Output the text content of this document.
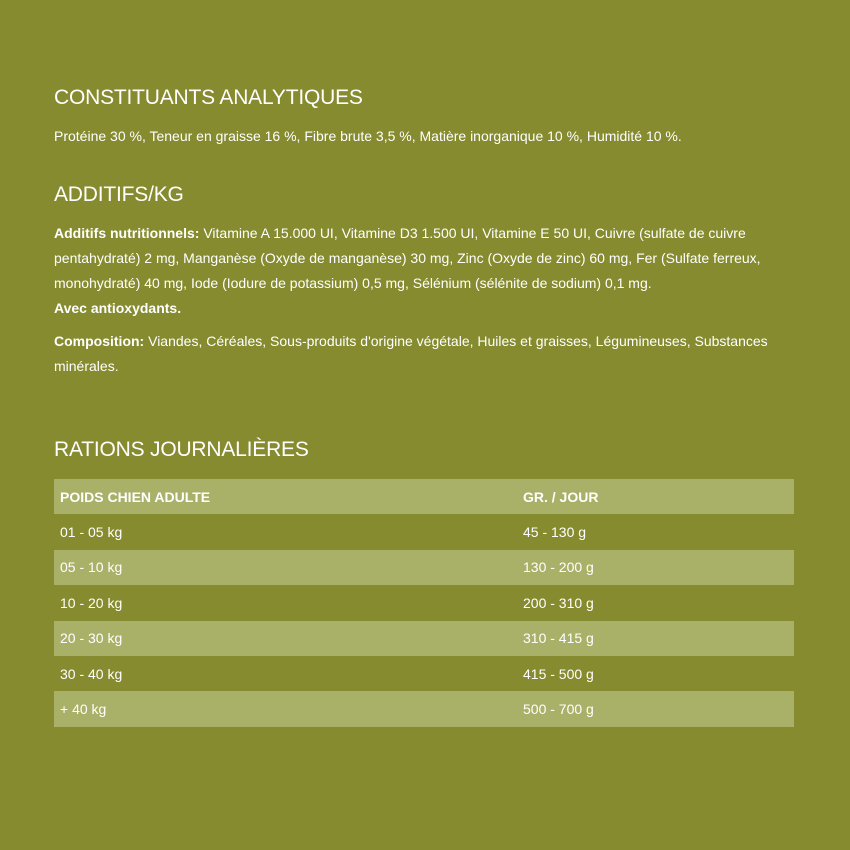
CONSTITUANTS ANALYTIQUES

Protéine 30 %, Teneur en graisse 16 %, Fibre brute 3,5 %, Matière inorganique 10 %, Humidité 10 %.

ADDITIFS/KG

Additifs nutritionnels: Vitamine A 15.000 UI, Vitamine D3 1.500 UI, Vitamine E 50 UI, Cuivre (sulfate de cuivre pentahydraté) 2 mg, Manganèse (Oxyde de manganèse) 30 mg, Zinc (Oxyde de zinc) 60 mg, Fer (Sulfate ferreux, monohydraté) 40 mg, Iode (Iodure de potassium) 0,5 mg, Sélénium (sélénite de sodium) 0,1 mg.
Avec antioxydants.

Composition: Viandes, Céréales, Sous-produits d'origine végétale, Huiles et graisses, Légumineuses, Substances minérales.

RATIONS JOURNALIÈRES
POIDS CHIEN ADULTE	GR. / JOUR
01 - 05 kg	45 - 130 g
05 - 10 kg	130 - 200 g
10 - 20 kg	200 - 310 g
20 - 30 kg	310 - 415 g
30 - 40 kg	415 - 500 g
+ 40 kg	500 - 700 g
